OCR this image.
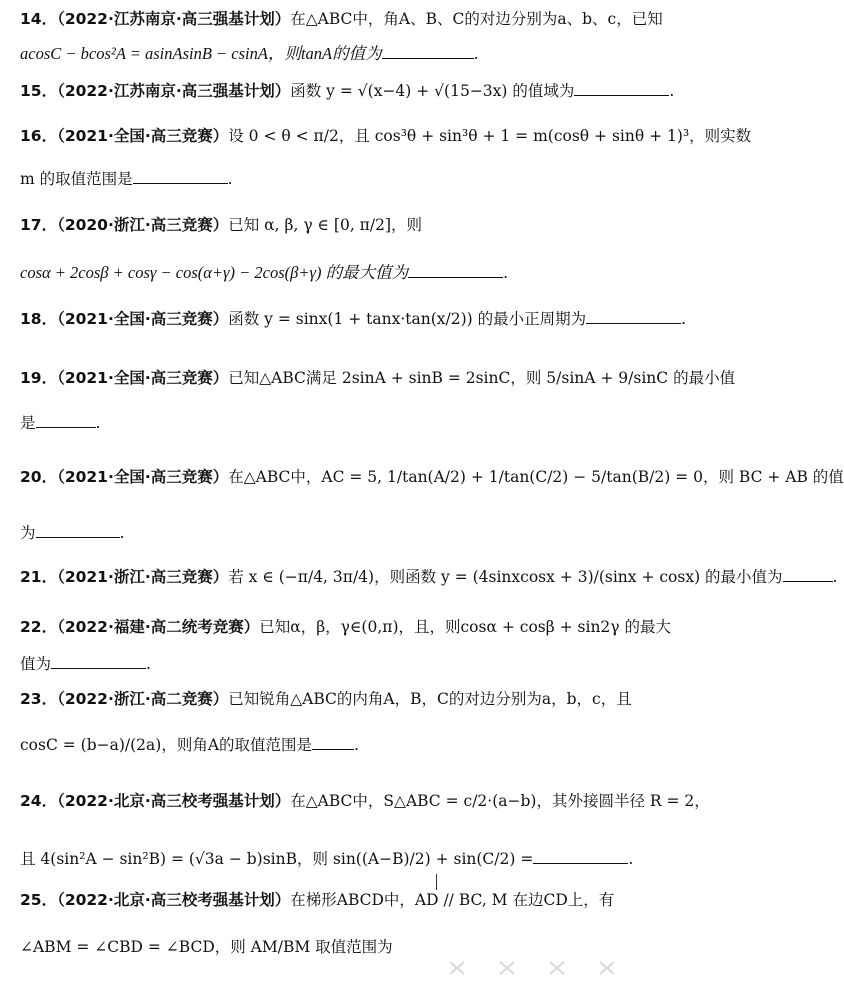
14．（2022·江苏南京·高三强基计划）在△ABC中，角A、B、C的对边分别为a、b、c，已知
acosC − bcos²A = asinAsinB − csinA，则tanA的值为	.
15．（2022·江苏南京·高三强基计划）函数 y = √(x−4) + √(15−3x) 的值域为	.
16．（2021·全国·高三竞赛）设 0 < θ < π/2，且 cos³θ + sin³θ + 1 = m(cosθ + sinθ + 1)³，则实数
m 的取值范围是	.
17．（2020·浙江·高三竞赛）已知 α, β, γ ∈ [0, π/2]，则
cosα + 2cosβ + cosγ − cos(α+γ) − 2cos(β+γ) 的最大值为	.
18．（2021·全国·高三竞赛）函数 y = sinx(1 + tanx·tan(x/2)) 的最小正周期为	.
19．（2021·全国·高三竞赛）已知△ABC满足 2sinA + sinB = 2sinC，则 5/sinA + 9/sinC 的最小值
是	.
20．（2021·全国·高三竞赛）在△ABC中，AC = 5, 1/tan(A/2) + 1/tan(C/2) − 5/tan(B/2) = 0，则 BC + AB 的值
为	.
21．（2021·浙江·高三竞赛）若 x ∈ (−π/4, 3π/4)，则函数 y = (4sinxcosx + 3)/(sinx + cosx) 的最小值为	.
22．（2022·福建·高二统考竞赛）已知α，β，γ∈(0,π)，且，则cosα + cosβ + sin2γ 的最大
值为	.
23．（2022·浙江·高二竞赛）已知锐角△ABC的内角A，B，C的对边分别为a，b，c，且
cosC = (b−a)/(2a)，则角A的取值范围是	.
24．（2022·北京·高三校考强基计划）在△ABC中，S△ABC = c/2·(a−b)，其外接圆半径 R = 2，
且 4(sin²A − sin²B) = (√3a − b)sinB，则 sin((A−B)/2) + sin(C/2) =	.
25．（2022·北京·高三校考强基计划）在梯形ABCD中，AD // BC, M 在边CD上，有
∠ABM = ∠CBD = ∠BCD，则 AM/BM 取值范围为
